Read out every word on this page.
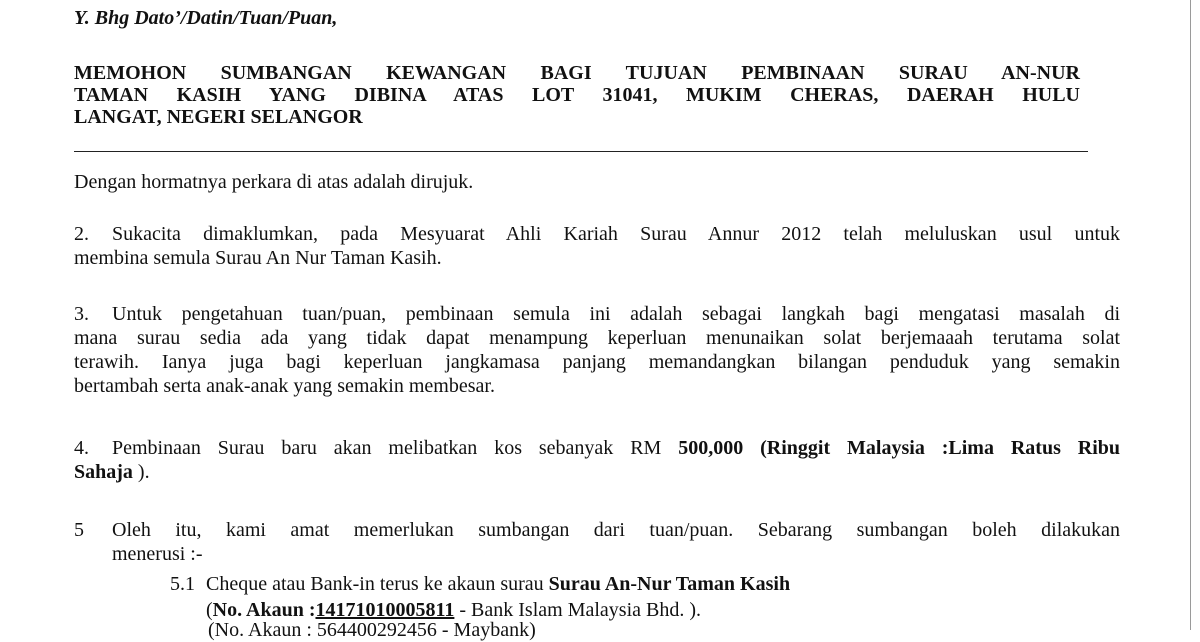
Y. Bhg Dato’/Datin/Tuan/Puan,
MEMOHON SUMBANGAN KEWANGAN BAGI TUJUAN PEMBINAAN SURAU AN-NUR
TAMAN KASIH YANG DIBINA ATAS LOT 31041, MUKIM CHERAS, DAERAH HULU
LANGAT, NEGERI SELANGOR
Dengan hormatnya perkara di atas adalah dirujuk.
2. Sukacita dimaklumkan, pada Mesyuarat Ahli Kariah Surau Annur 2012 telah meluluskan usul untuk
membina semula Surau An Nur Taman Kasih.
3. Untuk pengetahuan tuan/puan, pembinaan semula ini adalah sebagai langkah bagi mengatasi masalah di
mana surau sedia ada yang tidak dapat menampung keperluan menunaikan solat berjemaaah terutama solat
terawih. Ianya juga bagi keperluan jangkamasa panjang memandangkan bilangan penduduk yang semakin
bertambah serta anak-anak yang semakin membesar.
4. Pembinaan Surau baru akan melibatkan kos sebanyak RM 500,000 (Ringgit Malaysia :Lima Ratus Ribu
Sahaja ).
5	Oleh itu, kami amat memerlukan sumbangan dari tuan/puan. Sebarang sumbangan boleh dilakukan
menerusi :-
5.1 Cheque atau Bank-in terus ke akaun surau Surau An-Nur Taman Kasih
(No. Akaun :14171010005811 - Bank Islam Malaysia Bhd. ).
(No. Akaun : 564400292456 - Maybank)
